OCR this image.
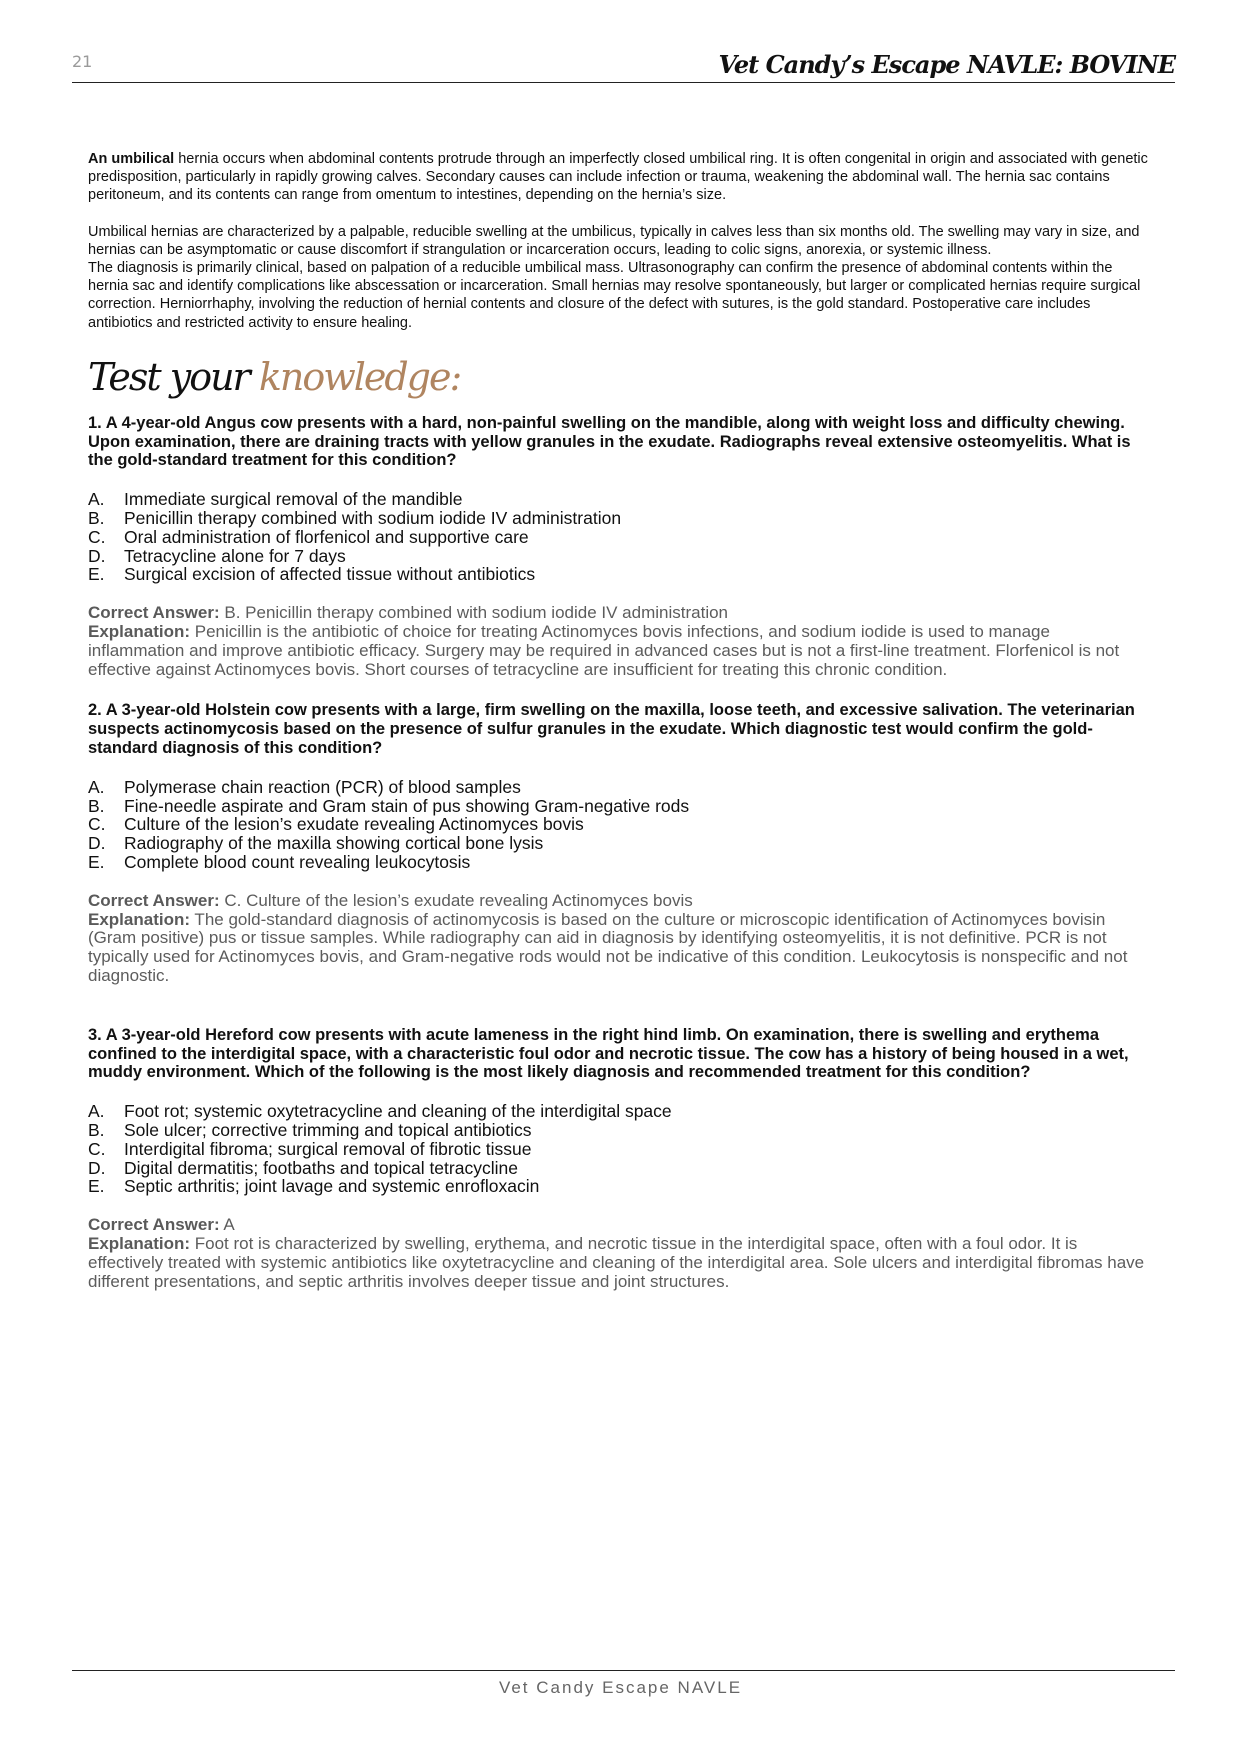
21	Vet Candy’s Escape NAVLE: BOVINE

An umbilical hernia occurs when abdominal contents protrude through an imperfectly closed umbilical ring. It is often congenital in origin and associated with genetic predisposition, particularly in rapidly growing calves. Secondary causes can include infection or trauma, weakening the abdominal wall. The hernia sac contains peritoneum, and its contents can range from omentum to intestines, depending on the hernia’s size.

Umbilical hernias are characterized by a palpable, reducible swelling at the umbilicus, typically in calves less than six months old. The swelling may vary in size, and hernias can be asymptomatic or cause discomfort if strangulation or incarceration occurs, leading to colic signs, anorexia, or systemic illness.

The diagnosis is primarily clinical, based on palpation of a reducible umbilical mass. Ultrasonography can confirm the presence of abdominal contents within the hernia sac and identify complications like abscessation or incarceration. Small hernias may resolve spontaneously, but larger or complicated hernias require surgical correction. Herniorrhaphy, involving the reduction of hernial contents and closure of the defect with sutures, is the gold standard. Postoperative care includes antibiotics and restricted activity to ensure healing.

Test your knowledge:

1. A 4-year-old Angus cow presents with a hard, non-painful swelling on the mandible, along with weight loss and difficulty chewing. Upon examination, there are draining tracts with yellow granules in the exudate. Radiographs reveal extensive osteomyelitis. What is the gold-standard treatment for this condition?

A. Immediate surgical removal of the mandible
B. Penicillin therapy combined with sodium iodide IV administration
C. Oral administration of florfenicol and supportive care
D. Tetracycline alone for 7 days
E. Surgical excision of affected tissue without antibiotics
Correct Answer: B. Penicillin therapy combined with sodium iodide IV administration
Explanation: Penicillin is the antibiotic of choice for treating Actinomyces bovis infections, and sodium iodide is used to manage inflammation and improve antibiotic efficacy. Surgery may be required in advanced cases but is not a first-line treatment. Florfenicol is not effective against Actinomyces bovis. Short courses of tetracycline are insufficient for treating this chronic condition.

2. A 3-year-old Holstein cow presents with a large, firm swelling on the maxilla, loose teeth, and excessive salivation. The veterinarian suspects actinomycosis based on the presence of sulfur granules in the exudate. Which diagnostic test would confirm the gold-standard diagnosis of this condition?

A. Polymerase chain reaction (PCR) of blood samples
B. Fine-needle aspirate and Gram stain of pus showing Gram-negative rods
C. Culture of the lesion’s exudate revealing Actinomyces bovis
D. Radiography of the maxilla showing cortical bone lysis
E. Complete blood count revealing leukocytosis
Correct Answer: C. Culture of the lesion’s exudate revealing Actinomyces bovis
Explanation: The gold-standard diagnosis of actinomycosis is based on the culture or microscopic identification of Actinomyces bovisin (Gram positive) pus or tissue samples. While radiography can aid in diagnosis by identifying osteomyelitis, it is not definitive. PCR is not typically used for Actinomyces bovis, and Gram-negative rods would not be indicative of this condition. Leukocytosis is nonspecific and not diagnostic.

3. A 3-year-old Hereford cow presents with acute lameness in the right hind limb. On examination, there is swelling and erythema confined to the interdigital space, with a characteristic foul odor and necrotic tissue. The cow has a history of being housed in a wet, muddy environment. Which of the following is the most likely diagnosis and recommended treatment for this condition?

A. Foot rot; systemic oxytetracycline and cleaning of the interdigital space
B. Sole ulcer; corrective trimming and topical antibiotics
C. Interdigital fibroma; surgical removal of fibrotic tissue
D. Digital dermatitis; footbaths and topical tetracycline
E. Septic arthritis; joint lavage and systemic enrofloxacin
Correct Answer: A
Explanation: Foot rot is characterized by swelling, erythema, and necrotic tissue in the interdigital space, often with a foul odor. It is effectively treated with systemic antibiotics like oxytetracycline and cleaning of the interdigital area. Sole ulcers and interdigital fibromas have different presentations, and septic arthritis involves deeper tissue and joint structures.
Vet Candy Escape NAVLE
